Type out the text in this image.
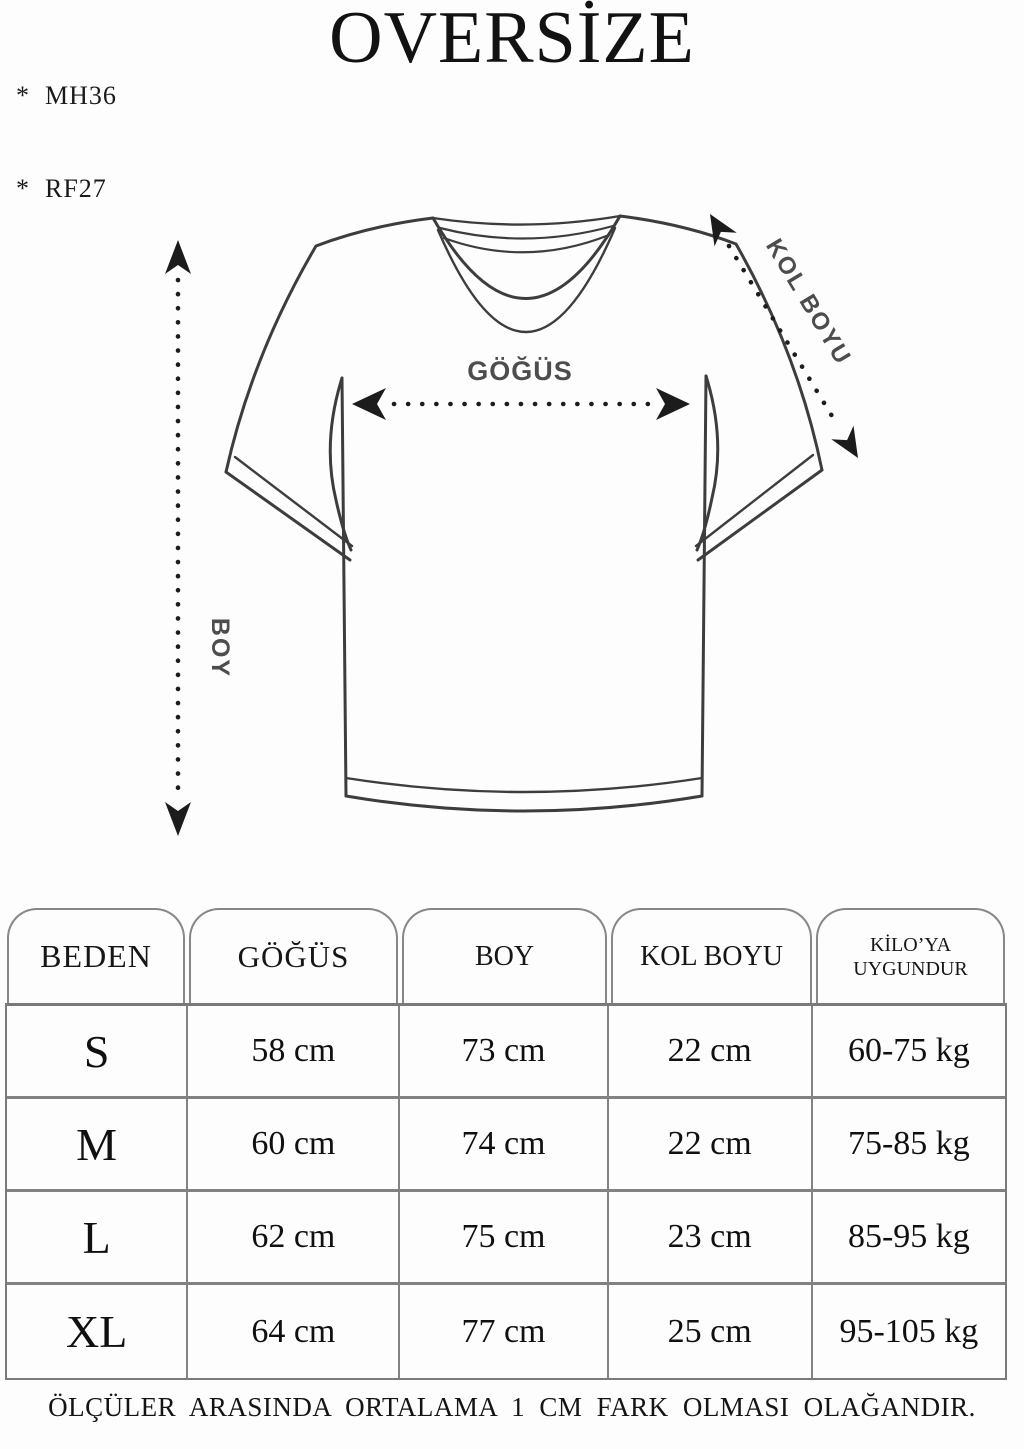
*  MH36

*  RF27

OVERSİZE
BOY
GÖĞÜS
KOL BOYU
BEDEN	GÖĞÜS	BOY	KOL BOYU	KİLO’YA UYGUNDUR
S	58 cm	73 cm	22 cm	60-75 kg
M	60 cm	74 cm	22 cm	75-85 kg
L	62 cm	75 cm	23 cm	85-95 kg
XL	64 cm	77 cm	25 cm	95-105 kg
ÖLÇÜLER ARASINDA ORTALAMA 1 CM FARK OLMASI OLAĞANDIR.
